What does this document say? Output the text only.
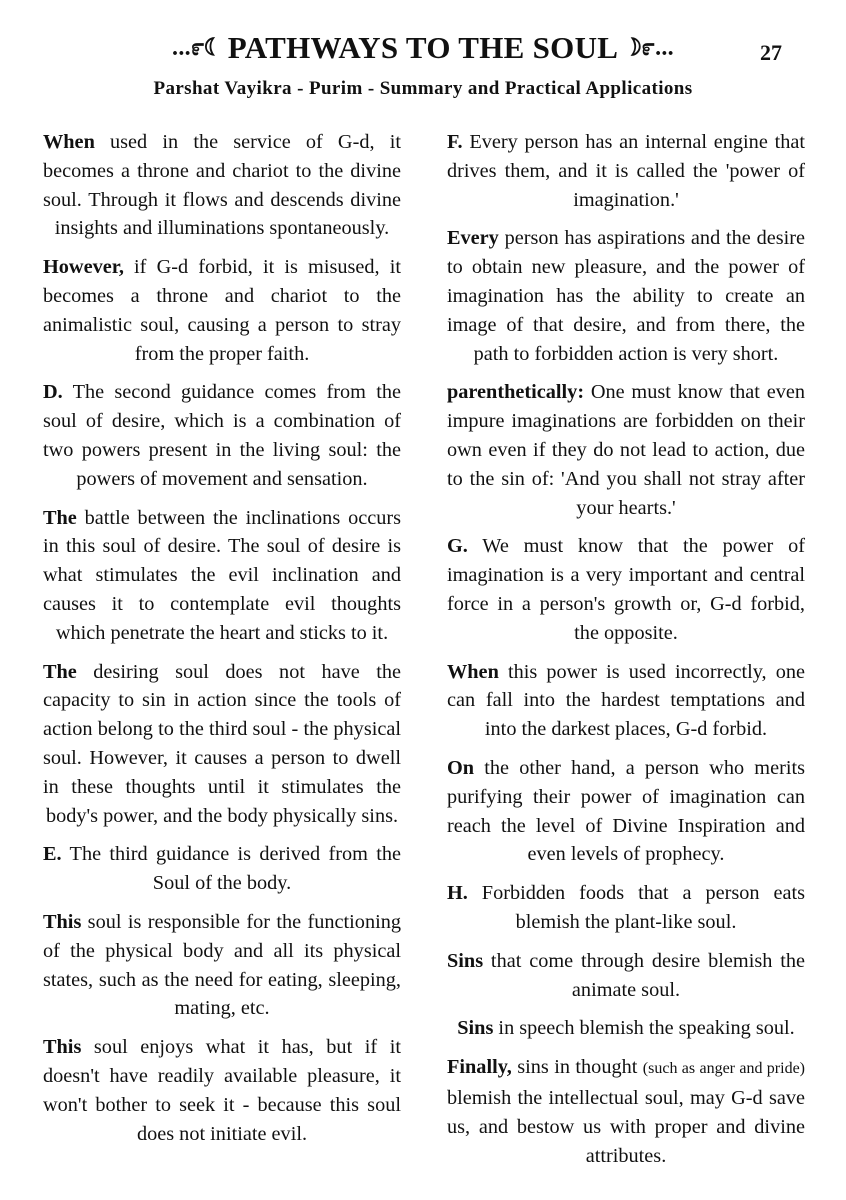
...೯☾ PATHWAYS TO THE SOUL ☽೯...	27
Parshat Vayikra - Purim - Summary and Practical Applications

When used in the service of G-d, it becomes a throne and chariot to the divine soul. Through it flows and descends divine insights and illuminations spontaneously.

However, if G-d forbid, it is misused, it becomes a throne and chariot to the animalistic soul, causing a person to stray from the proper faith.

D. The second guidance comes from the soul of desire, which is a combination of two powers present in the living soul: the powers of movement and sensation.

The battle between the inclinations occurs in this soul of desire. The soul of desire is what stimulates the evil inclination and causes it to contemplate evil thoughts which penetrate the heart and sticks to it.

The desiring soul does not have the capacity to sin in action since the tools of action belong to the third soul - the physical soul. However, it causes a person to dwell in these thoughts until it stimulates the body's power, and the body physically sins.

E. The third guidance is derived from the Soul of the body.

This soul is responsible for the functioning of the physical body and all its physical states, such as the need for eating, sleeping, mating, etc.

This soul enjoys what it has, but if it doesn't have readily available pleasure, it won't bother to seek it - because this soul does not initiate evil.

F. Every person has an internal engine that drives them, and it is called the 'power of imagination.'

Every person has aspirations and the desire to obtain new pleasure, and the power of imagination has the ability to create an image of that desire, and from there, the path to forbidden action is very short.

parenthetically: One must know that even impure imaginations are forbidden on their own even if they do not lead to action, due to the sin of: 'And you shall not stray after your hearts.'

G. We must know that the power of imagination is a very important and central force in a person's growth or, G-d forbid, the opposite.

When this power is used incorrectly, one can fall into the hardest temptations and into the darkest places, G-d forbid.

On the other hand, a person who merits purifying their power of imagination can reach the level of Divine Inspiration and even levels of prophecy.

H. Forbidden foods that a person eats blemish the plant-like soul.

Sins that come through desire blemish the animate soul.

Sins in speech blemish the speaking soul.

Finally, sins in thought (such as anger and pride) blemish the intellectual soul, may G-d save us, and bestow us with proper and divine attributes.
